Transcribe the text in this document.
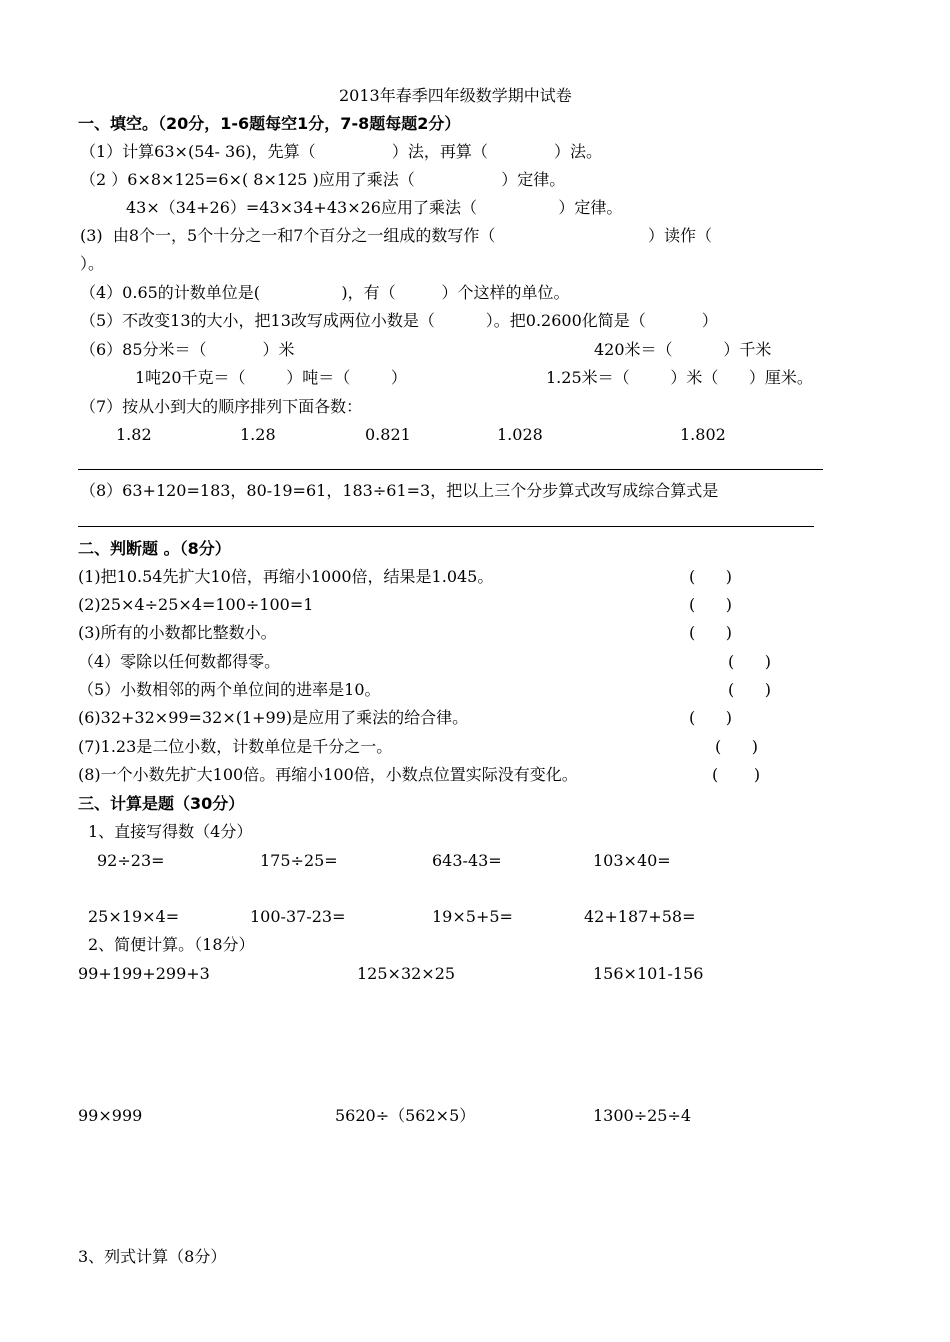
2013年春季四年级数学期中试卷
一、填空。（20分，1-6题每空1分，7-8题每题2分）
（1）计算63×(54- 36)，先算（               ）法，再算（             ）法。
（2 ）6×8×125=6×( 8×125 )应用了乘法（                 ）定律。
43×（34+26）=43×34+43×26应用了乘法（                ）定律。
(3)  由8个一，5个十分之一和7个百分之一组成的数写作（                              ）读作（
）。
（4）0.65的计数单位是(                )，有（         ）个这样的单位。
（5）不改变13的大小，把13改写成两位小数是（          ）。把0.2600化简是（           ）
（6）85分米＝（           ）米	420米＝（          ）千米
1吨20千克＝（        ）吨＝（        ）	1.25米＝（        ）米（      ）厘米。
（7）按从小到大的顺序排列下面各数：
1.82	1.28	0.821	1.028	1.802
（8）63+120=183，80-19=61，183÷61=3，把以上三个分步算式改写成综合算式是
二、判断题 。（8分）
(1)把10.54先扩大10倍，再缩小1000倍，结果是1.045。	(      )
(2)25×4÷25×4=100÷100=1	(      )
(3)所有的小数都比整数小。	(      )
（4）零除以任何数都得零。	(      )
（5）小数相邻的两个单位间的进率是10。	(      )
(6)32+32×99=32×(1+99)是应用了乘法的给合律。	(      )
(7)1.23是二位小数，计数单位是千分之一。	(      )
(8)一个小数先扩大100倍。再缩小100倍，小数点位置实际没有变化。	(       )
三、计算是题（30分）
1、直接写得数（4分）
92÷23=	175÷25=	643-43=	103×40=
25×19×4=	100-37-23=	19×5+5=	42+187+58=
2、简便计算。（18分）
99+199+299+3	125×32×25	156×101-156
99×999	5620÷（562×5）	1300÷25÷4
3、列式计算（8分）
